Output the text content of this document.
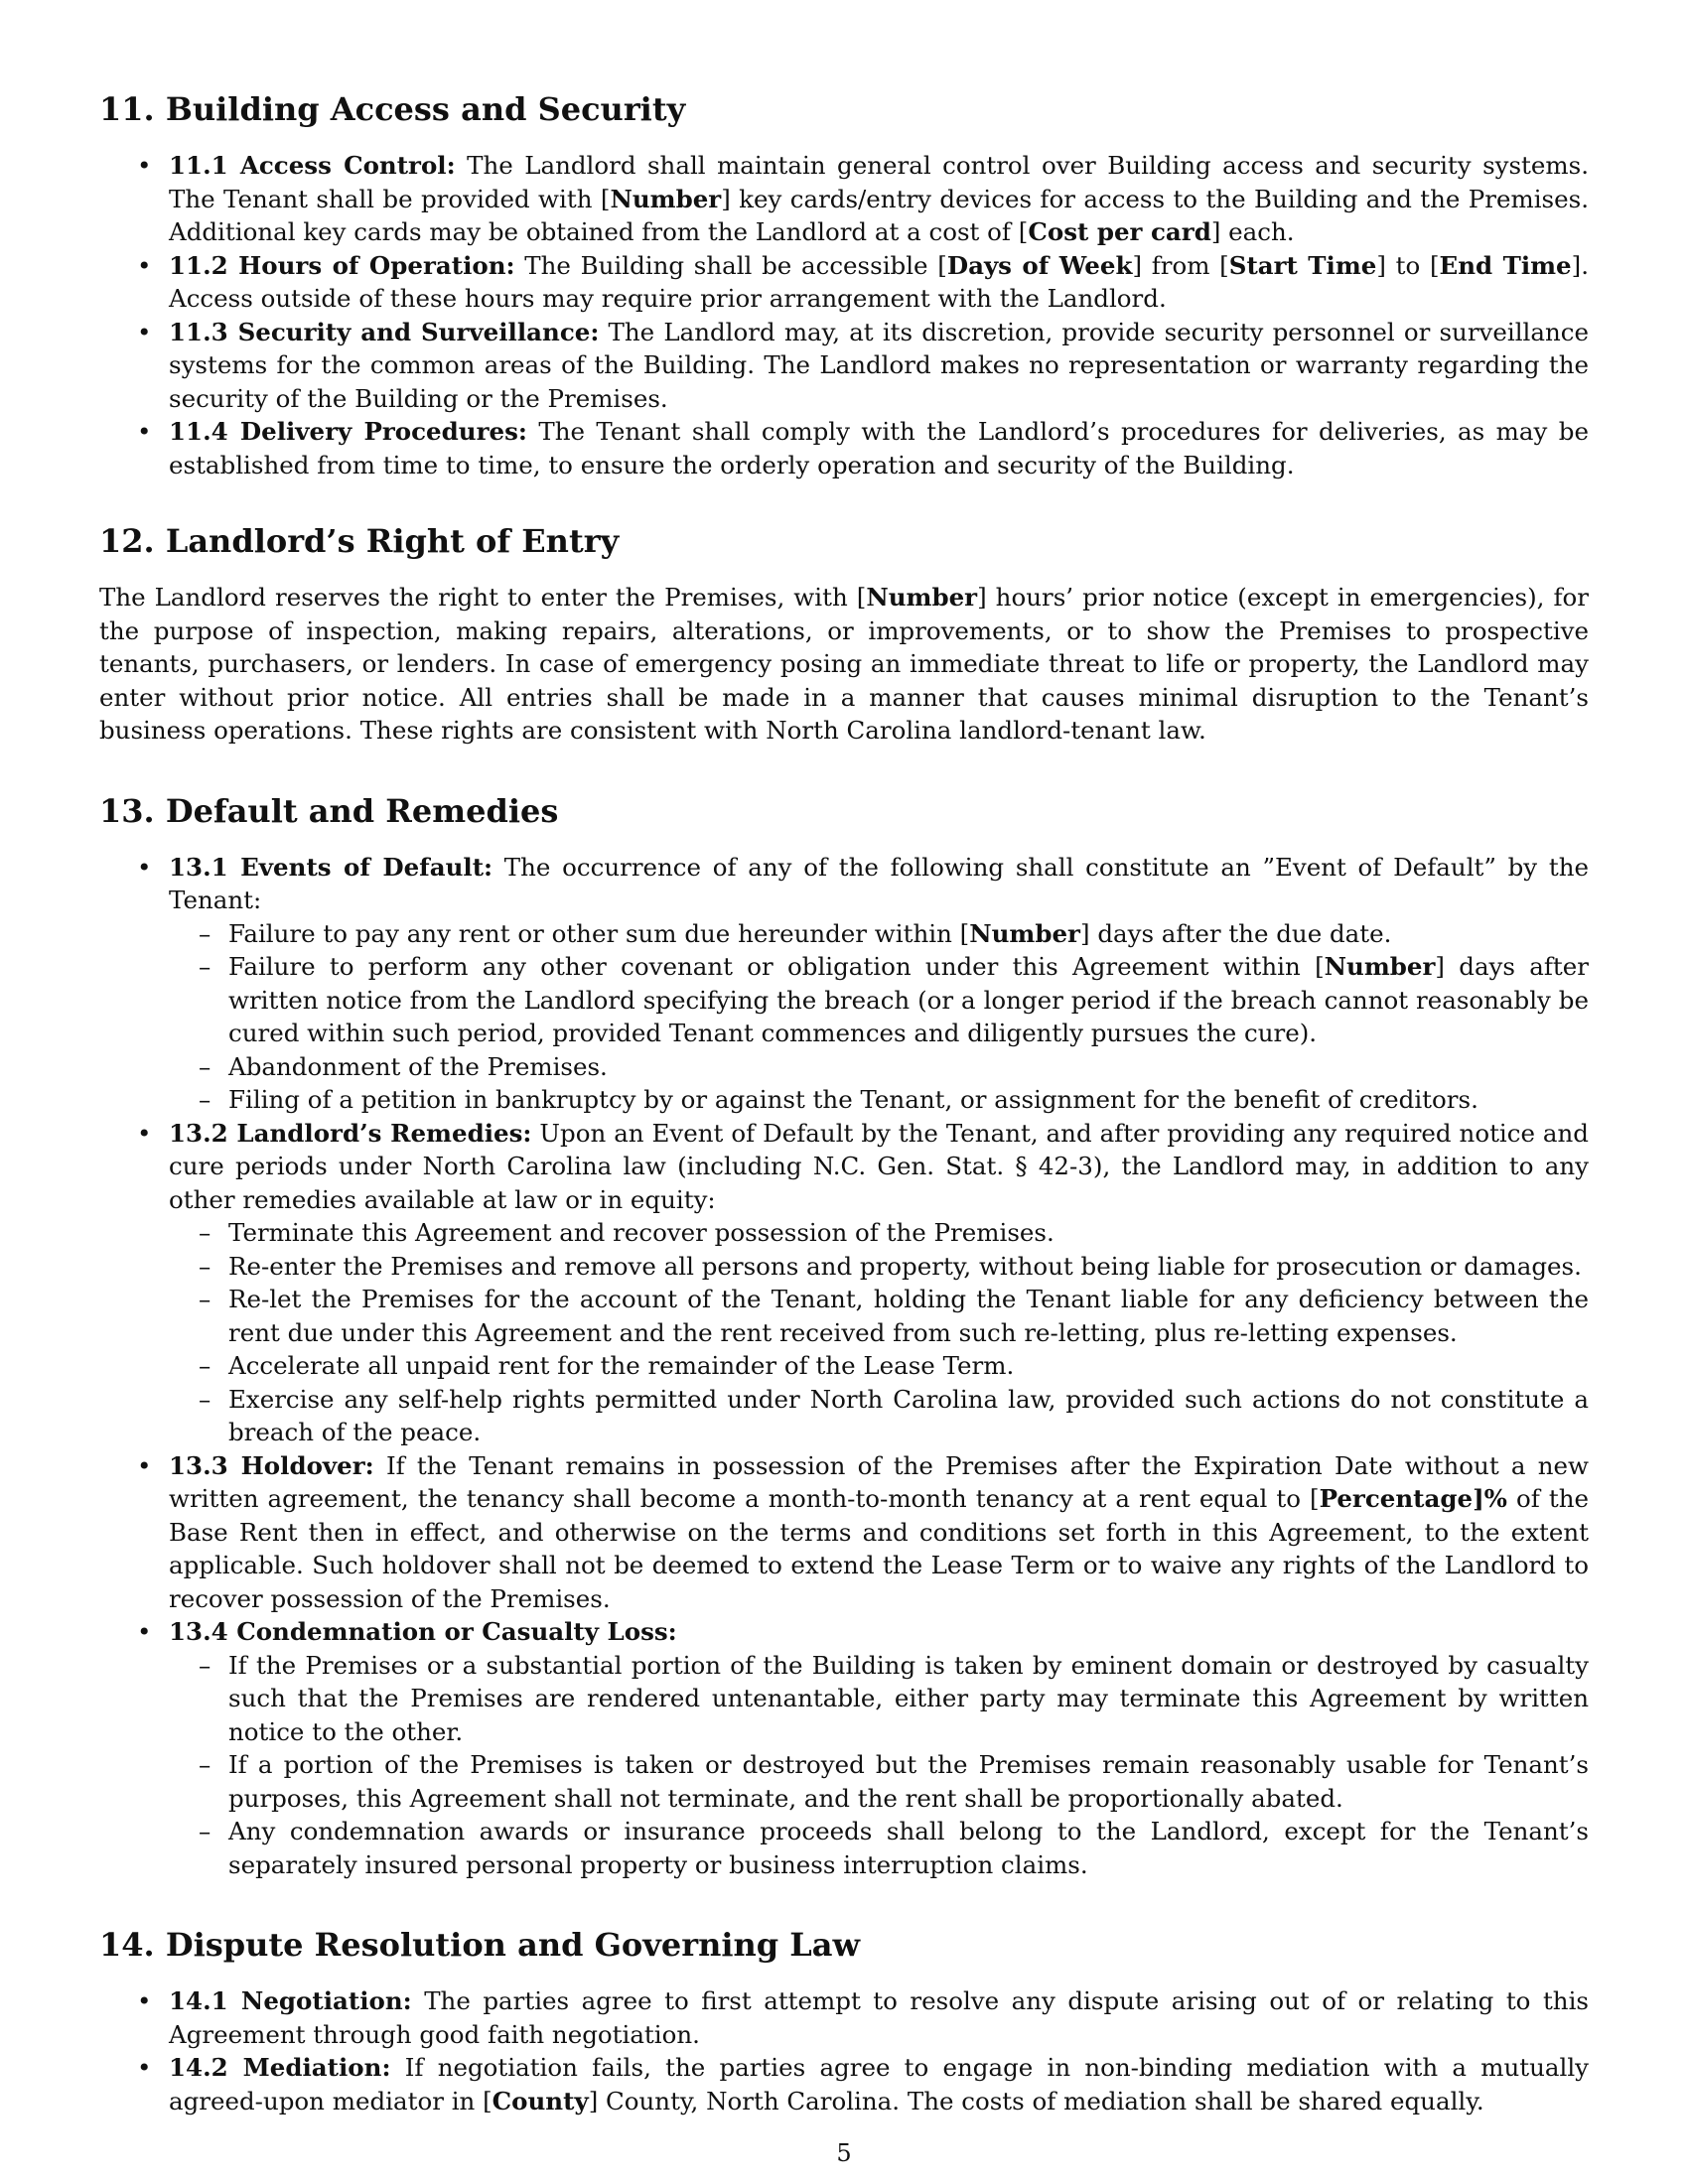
11. Building Access and Security
• 11.1 Access Control: The Landlord shall maintain general control over Building access and security systems. The Tenant shall be provided with [Number] key cards/entry devices for access to the Building and the Premises. Additional key cards may be obtained from the Landlord at a cost of [Cost per card] each.
• 11.2 Hours of Operation: The Building shall be accessible [Days of Week] from [Start Time] to [End Time]. Access outside of these hours may require prior arrangement with the Landlord.
• 11.3 Security and Surveillance: The Landlord may, at its discretion, provide security personnel or surveillance systems for the common areas of the Building. The Landlord makes no representation or warranty regarding the security of the Building or the Premises.
• 11.4 Delivery Procedures: The Tenant shall comply with the Landlord’s procedures for deliveries, as may be established from time to time, to ensure the orderly operation and security of the Building.
12. Landlord’s Right of Entry

The Landlord reserves the right to enter the Premises, with [Number] hours’ prior notice (except in emergencies), for the purpose of inspection, making repairs, alterations, or improvements, or to show the Premises to prospective tenants, purchasers, or lenders. In case of emergency posing an immediate threat to life or property, the Landlord may enter without prior notice. All entries shall be made in a manner that causes minimal disruption to the Tenant’s business operations. These rights are consistent with North Carolina landlord-tenant law.

13. Default and Remedies
• 13.1 Events of Default: The occurrence of any of the following shall constitute an ”Event of Default” by the Tenant:
– Failure to pay any rent or other sum due hereunder within [Number] days after the due date.
– Failure to perform any other covenant or obligation under this Agreement within [Number] days after written notice from the Landlord specifying the breach (or a longer period if the breach cannot reasonably be cured within such period, provided Tenant commences and diligently pursues the cure).
– Abandonment of the Premises.
– Filing of a petition in bankruptcy by or against the Tenant, or assignment for the benefit of creditors.
• 13.2 Landlord’s Remedies: Upon an Event of Default by the Tenant, and after providing any required notice and cure periods under North Carolina law (including N.C. Gen. Stat. § 42-3), the Landlord may, in addition to any other remedies available at law or in equity:
– Terminate this Agreement and recover possession of the Premises.
– Re-enter the Premises and remove all persons and property, without being liable for prosecution or damages.
– Re-let the Premises for the account of the Tenant, holding the Tenant liable for any deficiency between the rent due under this Agreement and the rent received from such re-letting, plus re-letting expenses.
– Accelerate all unpaid rent for the remainder of the Lease Term.
– Exercise any self-help rights permitted under North Carolina law, provided such actions do not constitute a breach of the peace.
• 13.3 Holdover: If the Tenant remains in possession of the Premises after the Expiration Date without a new written agreement, the tenancy shall become a month-to-month tenancy at a rent equal to [Percentage]% of the Base Rent then in effect, and otherwise on the terms and conditions set forth in this Agreement, to the extent applicable. Such holdover shall not be deemed to extend the Lease Term or to waive any rights of the Landlord to recover possession of the Premises.
• 13.4 Condemnation or Casualty Loss:
– If the Premises or a substantial portion of the Building is taken by eminent domain or destroyed by casualty such that the Premises are rendered untenantable, either party may terminate this Agreement by written notice to the other.
– If a portion of the Premises is taken or destroyed but the Premises remain reasonably usable for Tenant’s purposes, this Agreement shall not terminate, and the rent shall be proportionally abated.
– Any condemnation awards or insurance proceeds shall belong to the Landlord, except for the Tenant’s separately insured personal property or business interruption claims.
14. Dispute Resolution and Governing Law
• 14.1 Negotiation: The parties agree to first attempt to resolve any dispute arising out of or relating to this Agreement through good faith negotiation.
• 14.2 Mediation: If negotiation fails, the parties agree to engage in non-binding mediation with a mutually agreed-upon mediator in [County] County, North Carolina. The costs of mediation shall be shared equally.
5
